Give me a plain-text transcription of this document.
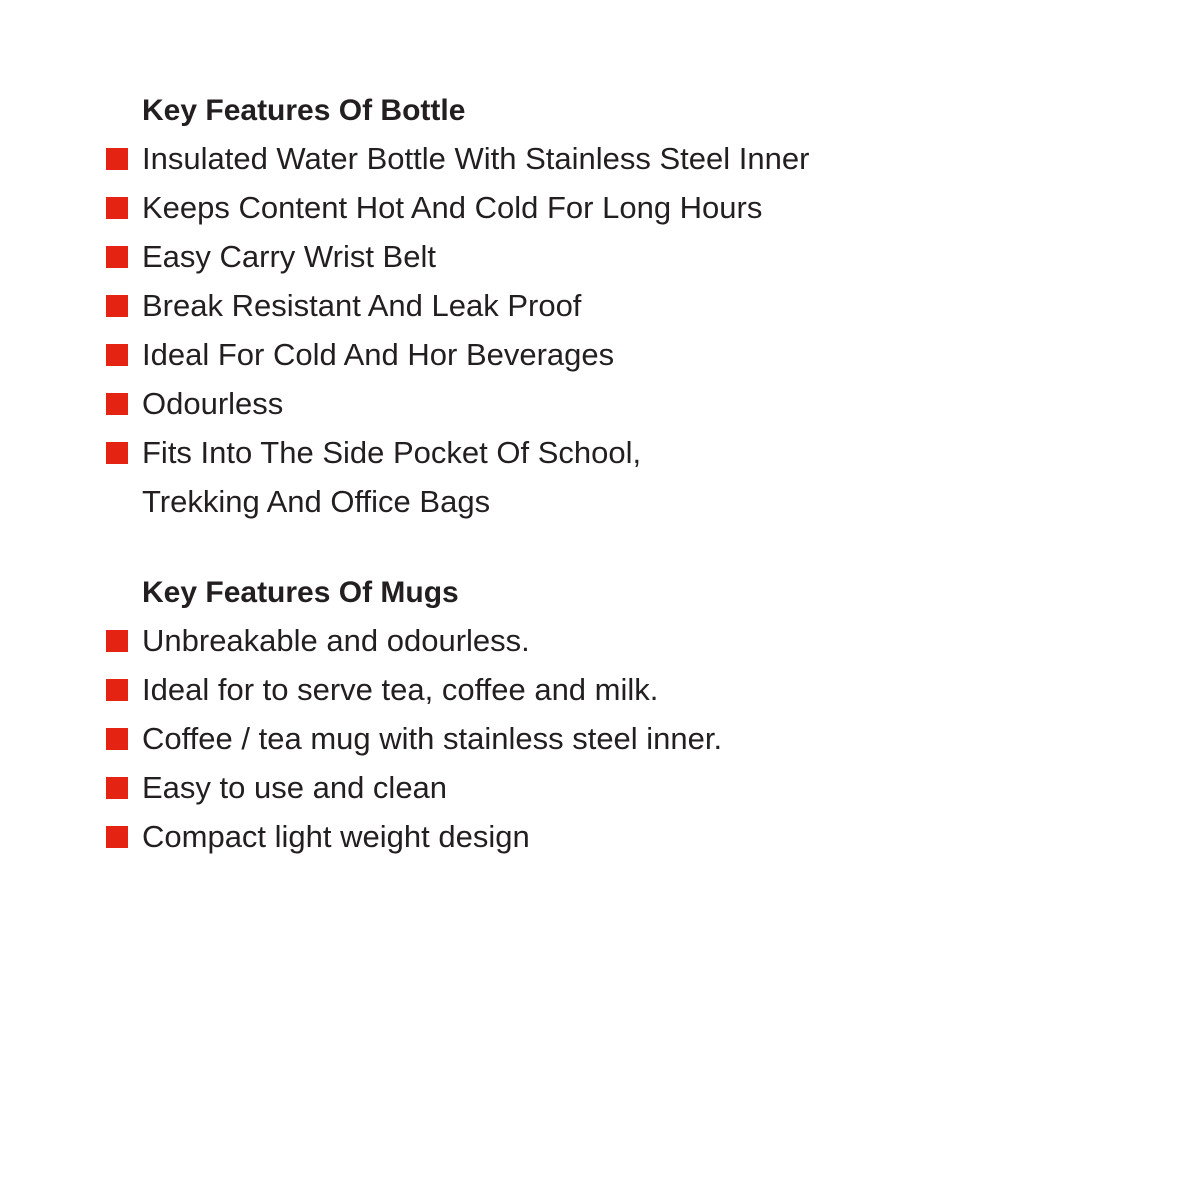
Key Features Of Bottle
Insulated Water Bottle With Stainless Steel Inner
Keeps Content Hot And Cold For Long Hours
Easy Carry Wrist Belt
Break Resistant And Leak Proof
Ideal For Cold And Hor Beverages
Odourless
Fits Into The Side Pocket Of School,
Trekking And Office Bags
Key Features Of Mugs
Unbreakable and odourless.
Ideal for to serve tea, coffee and milk.
Coffee / tea mug with stainless steel inner.
Easy to use and clean
Compact light weight design
